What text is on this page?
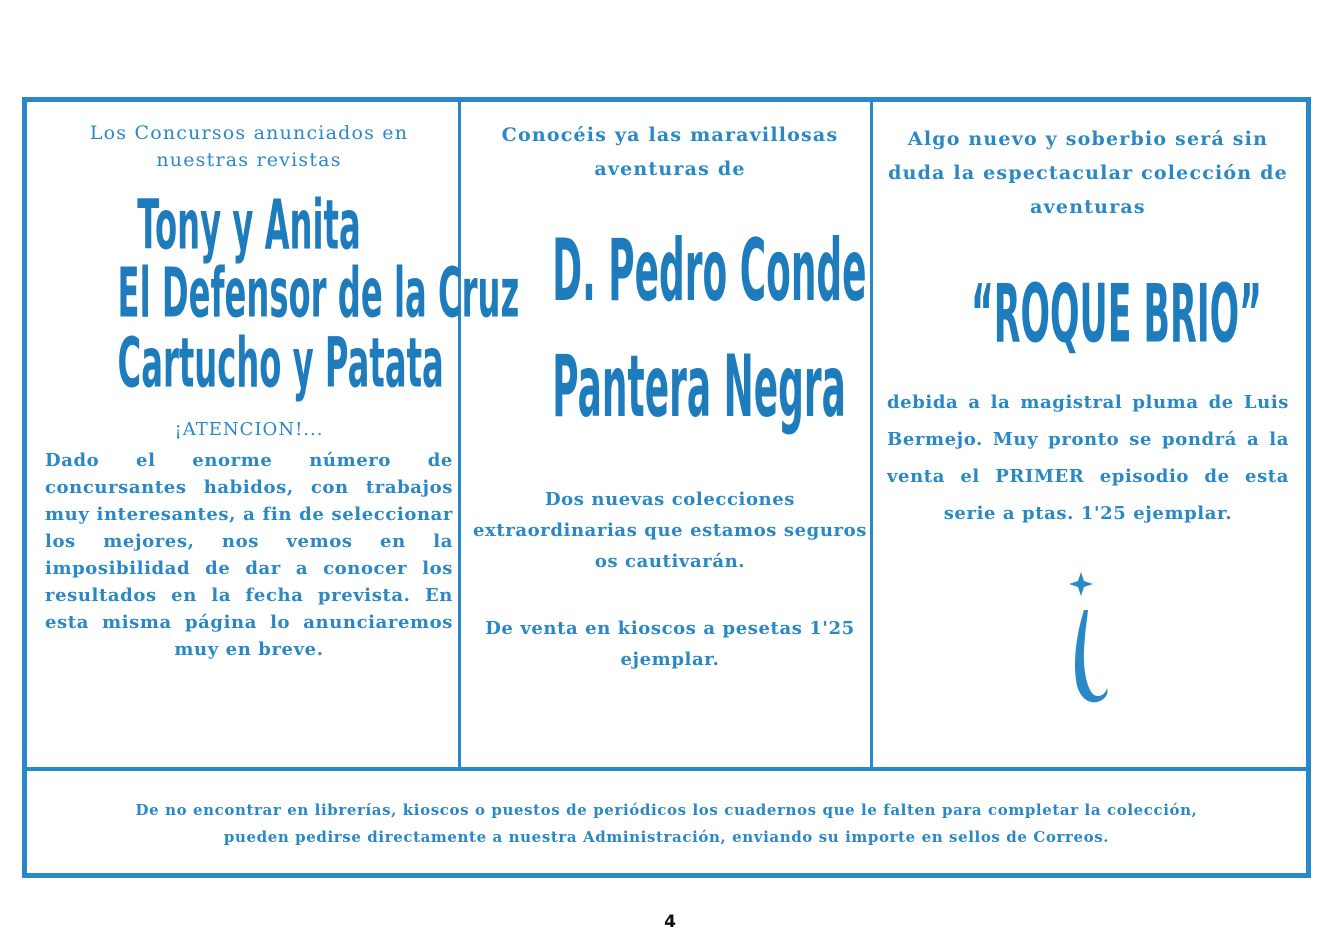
Los Concursos anunciados en nuestras revistas
Tony y Anita
El Defensor de la Cruz
Cartucho y Patata
¡ATENCION!...
Dado el enorme número de concursantes habidos, con trabajos muy interesantes, a fin de seleccionar los mejores, nos vemos en la imposibilidad de dar a conocer los resultados en la fecha prevista. En esta misma página lo anunciaremos muy en breve.
Conocéis ya las maravillosas aventuras de
D. Pedro Conde
Pantera Negra
Dos nuevas colecciones extraordinarias que estamos seguros os cautivarán.
De venta en kioscos a pesetas 1'25 ejemplar.
Algo nuevo y soberbio será sin duda la espectacular colección de aventuras
“ROQUE BRIO”
debida a la magistral pluma de Luis Bermejo. Muy pronto se pondrá a la venta el PRIMER episodio de esta serie a ptas. 1'25 ejemplar.

De no encontrar en librerías, kioscos o puestos de periódicos los cuadernos que le falten para completar la colección, pueden pedirse directamente a nuestra Administración, enviando su importe en sellos de Correos.

4
